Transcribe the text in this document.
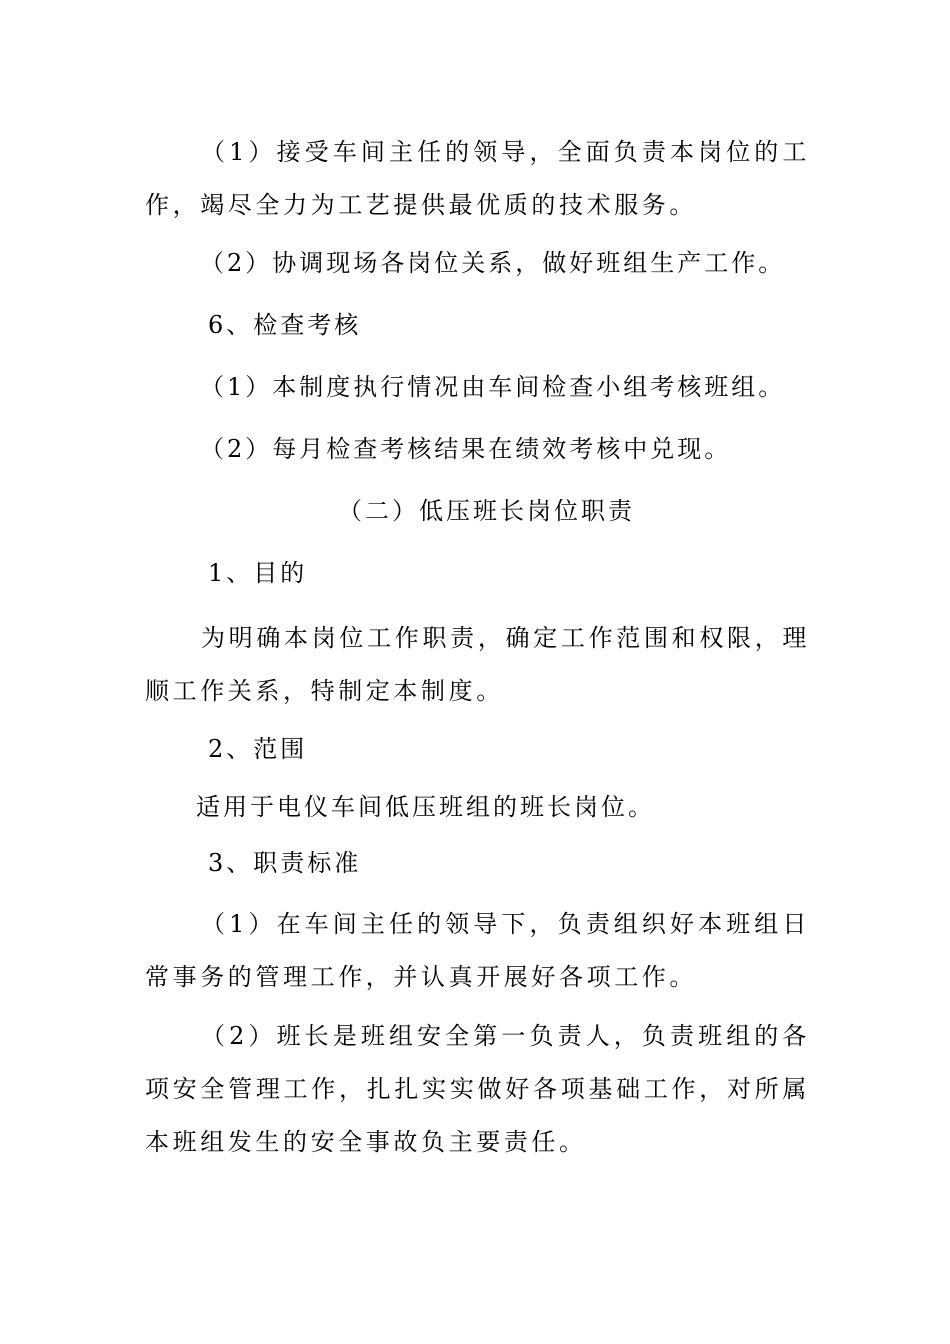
（1）接受车间主任的领导，全面负责本岗位的工作，竭尽全力为工艺提供最优质的技术服务。
（2）协调现场各岗位关系，做好班组生产工作。
6、检查考核
（1）本制度执行情况由车间检查小组考核班组。
（2）每月检查考核结果在绩效考核中兑现。
（二）低压班长岗位职责
1、目的
为明确本岗位工作职责，确定工作范围和权限，理顺工作关系，特制定本制度。
2、范围
适用于电仪车间低压班组的班长岗位。
3、职责标准
（1）在车间主任的领导下，负责组织好本班组日常事务的管理工作，并认真开展好各项工作。
（2）班长是班组安全第一负责人，负责班组的各项安全管理工作，扎扎实实做好各项基础工作，对所属本班组发生的安全事故负主要责任。
